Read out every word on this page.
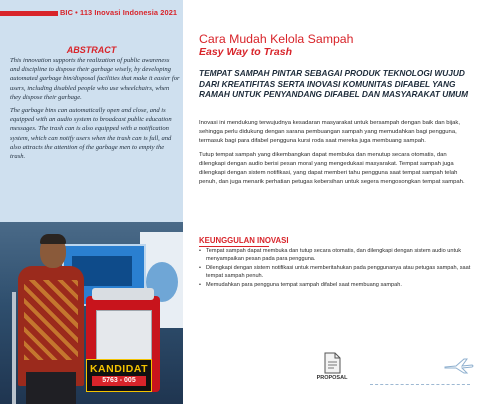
BIC • 113 Inovasi Indonesia 2021
ABSTRACT

This innovation supports the realization of public awareness and discipline to dispose their garbage wisely, by developing automated garbage bin/disposal facilities that make it easier for users, including disabled people who use wheelchairs, when they dispose their garbage.

The garbage bins can automatically open and close, and is equipped with an audio system to broadcast public education messages. The trash can is also equipped with a notification system, which can notify users when the trash can is full, and also attracts the attention of the garbage men to empty the trash.

KANDIDAT
5763 - 005
Cara Mudah Kelola Sampah
Easy Way to Trash
TEMPAT SAMPAH PINTAR SEBAGAI PRODUK TEKNOLOGI WUJUD DARI KREATIFITAS SERTA INOVASI KOMUNITAS DIFABEL YANG RAMAH UNTUK PENYANDANG DIFABEL DAN MASYARAKAT UMUM

Inovasi ini mendukung terwujudnya kesadaran masyarakat untuk bersampah dengan baik dan bijak, sehingga perlu didukung dengan sarana pembuangan sampah yang memudahkan bagi pengguna, termasuk bagi para difabel pengguna kursi roda saat mereka juga membuang sampah.

Tutup tempat sampah yang dikembangkan dapat membuka dan menutup secara otomatis, dan dilengkapi dengan audio berisi pesan moral yang mengedukasi masyarakat. Tempat sampah juga dilengkapi dengan sistem notifikasi, yang dapat memberi tahu pengguna saat tempat sampah telah penuh, dan juga menarik perhatian petugas kebersihan untuk segera mengosongkan tempat sampah.

KEUNGGULAN INOVASI
• Tempat sampah dapat membuka dan tutup secara otomatis, dan dilengkapi dengan sistem audio untuk menyampaikan pesan pada para pengguna.
• Dilengkapi dengan sistem notifikasi untuk memberitahukan pada penggunanya atau petugas sampah, saat tempat sampah penuh.
• Memudahkan para pengguna tempat sampah difabel saat membuang sampah.
PROPOSAL
